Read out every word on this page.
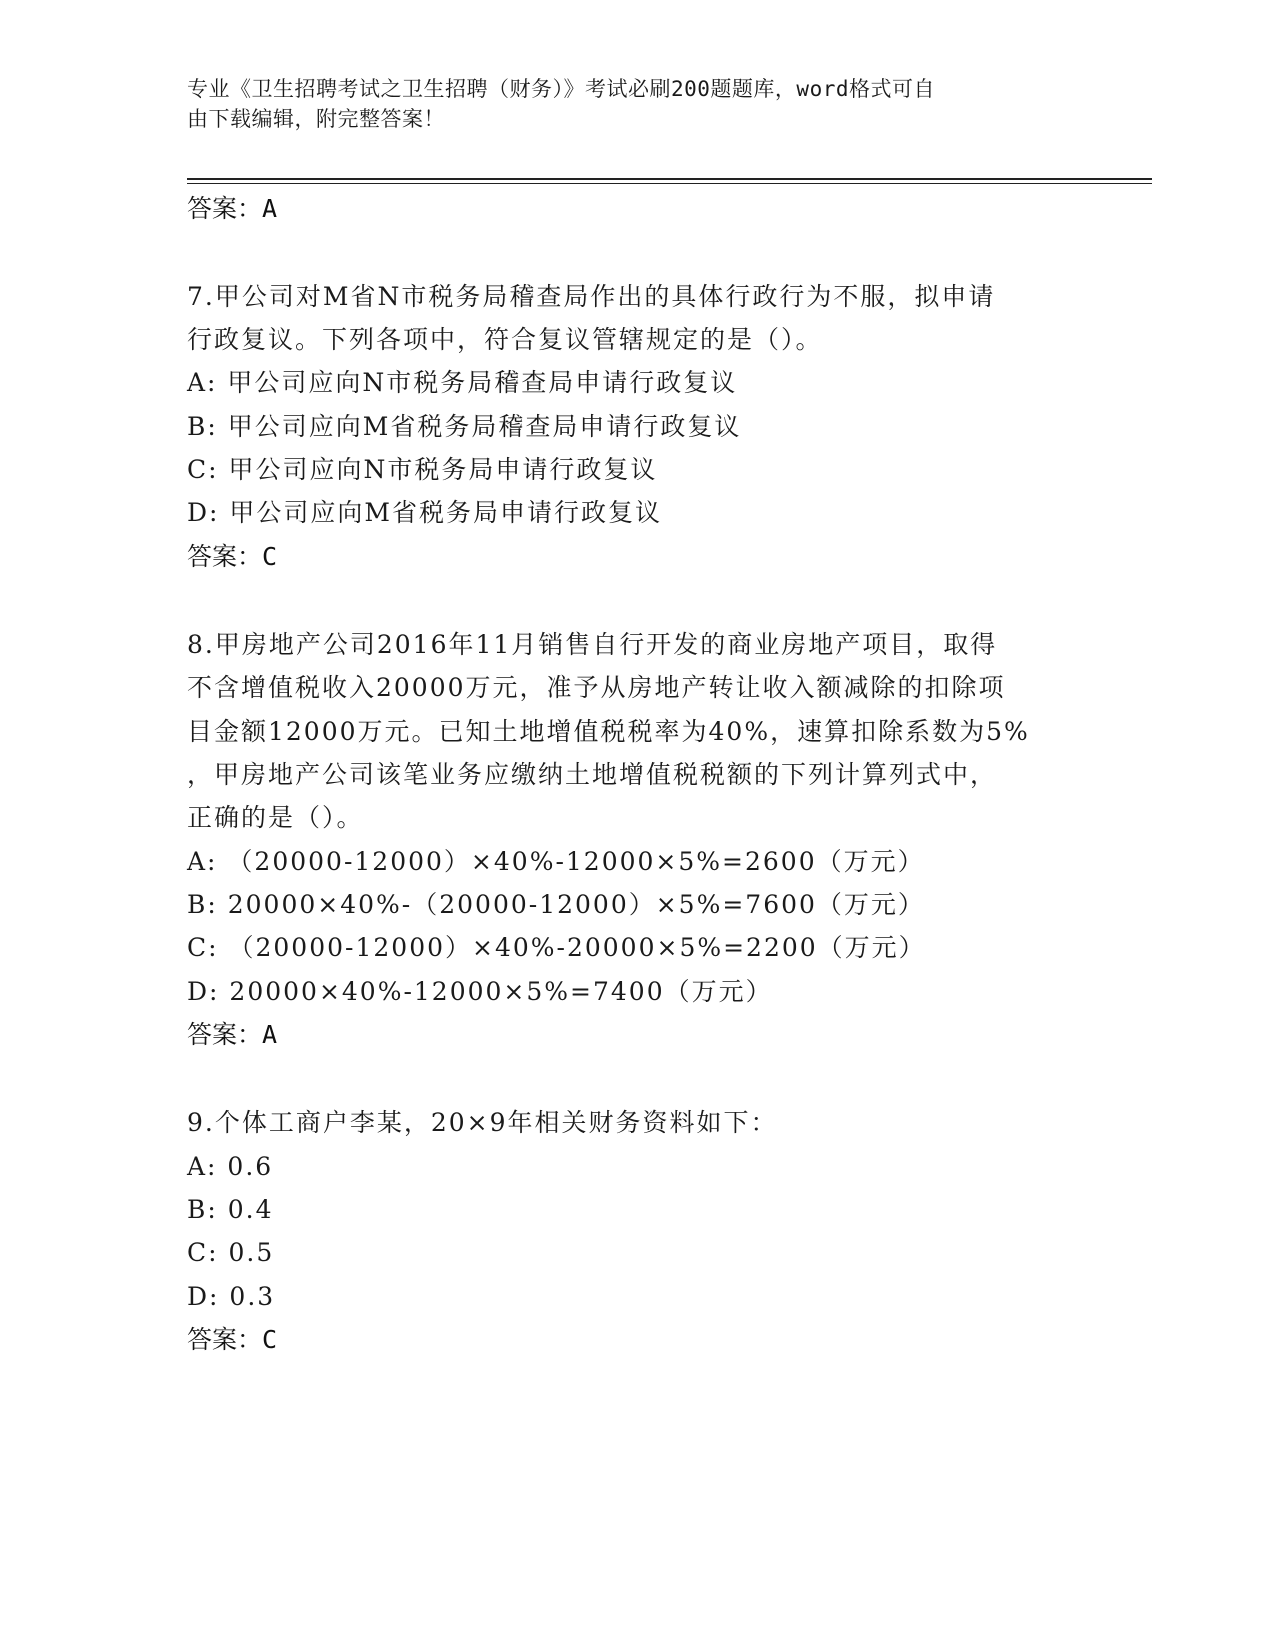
专业《卫生招聘考试之卫生招聘（财务）》考试必刷200题题库，word格式可自
由下载编辑，附完整答案！
答案：A
7.甲公司对M省N市税务局稽查局作出的具体行政行为不服，拟申请
行政复议。下列各项中，符合复议管辖规定的是（）。
A: 甲公司应向N市税务局稽查局申请行政复议
B: 甲公司应向M省税务局稽查局申请行政复议
C: 甲公司应向N市税务局申请行政复议
D: 甲公司应向M省税务局申请行政复议
答案：C
8.甲房地产公司2016年11月销售自行开发的商业房地产项目，取得
不含增值税收入20000万元，准予从房地产转让收入额减除的扣除项
目金额12000万元。已知土地增值税税率为40%，速算扣除系数为5%
，甲房地产公司该笔业务应缴纳土地增值税税额的下列计算列式中，
正确的是（）。
A: （20000-12000）×40%-12000×5%=2600（万元）
B: 20000×40%-（20000-12000）×5%=7600（万元）
C: （20000-12000）×40%-20000×5%=2200（万元）
D: 20000×40%-12000×5%=7400（万元）
答案：A
9.个体工商户李某，20×9年相关财务资料如下：
A: 0.6
B: 0.4
C: 0.5
D: 0.3
答案：C
